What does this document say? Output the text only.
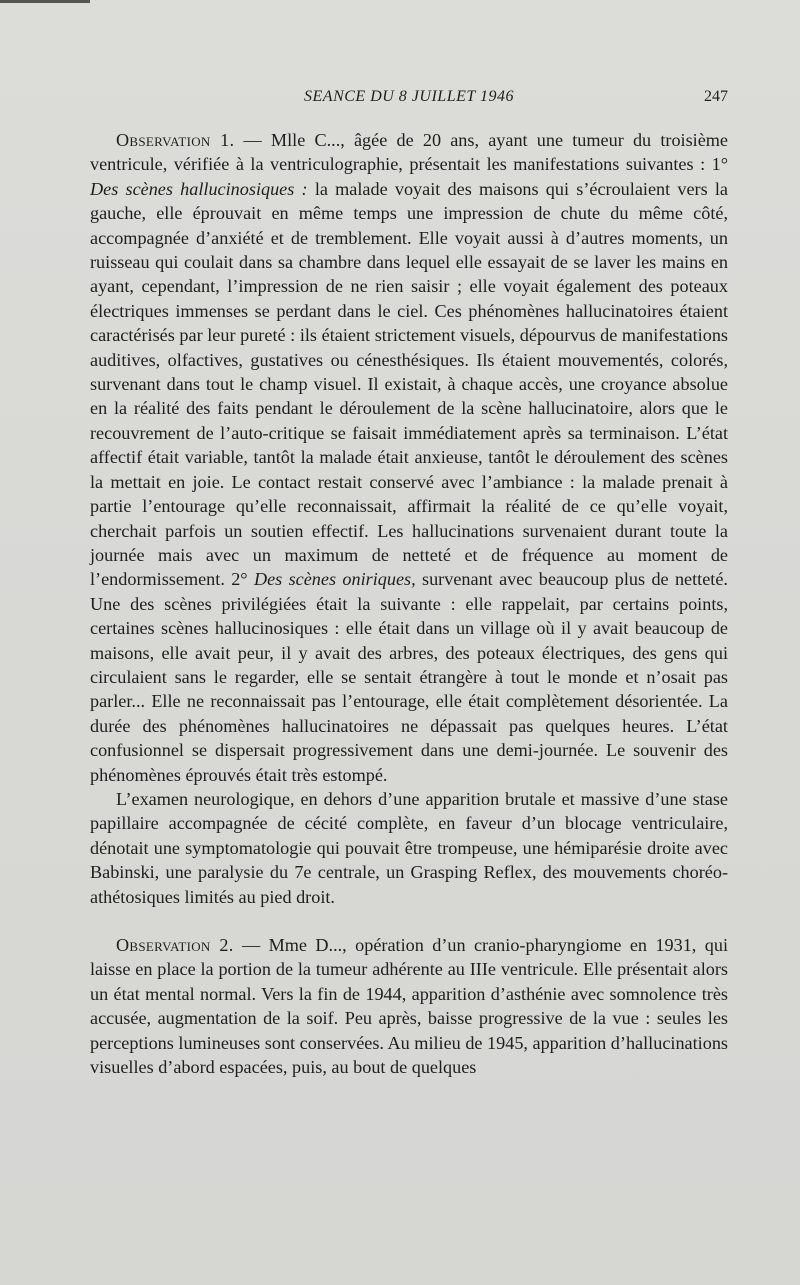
SEANCE DU 8 JUILLET 1946	247

Observation 1. — Mlle C..., âgée de 20 ans, ayant une tumeur du troisième ventricule, vérifiée à la ventriculographie, présentait les manifestations suivantes : 1° Des scènes hallucinosiques : la malade voyait des maisons qui s’écroulaient vers la gauche, elle éprouvait en même temps une impression de chute du même côté, accompagnée d’anxiété et de tremblement. Elle voyait aussi à d’autres moments, un ruisseau qui coulait dans sa chambre dans lequel elle essayait de se laver les mains en ayant, cependant, l’impression de ne rien saisir ; elle voyait également des poteaux électriques immenses se perdant dans le ciel. Ces phénomènes hallucinatoires étaient caractérisés par leur pureté : ils étaient strictement visuels, dépourvus de manifestations auditives, olfactives, gustatives ou cénesthésiques. Ils étaient mouvementés, colorés, survenant dans tout le champ visuel. Il existait, à chaque accès, une croyance absolue en la réalité des faits pendant le déroulement de la scène hallucinatoire, alors que le recouvrement de l’auto-critique se faisait immédiatement après sa terminaison. L’état affectif était variable, tantôt la malade était anxieuse, tantôt le déroulement des scènes la mettait en joie. Le contact restait conservé avec l’ambiance : la malade prenait à partie l’entourage qu’elle reconnaissait, affirmait la réalité de ce qu’elle voyait, cherchait parfois un soutien effectif. Les hallucinations survenaient durant toute la journée mais avec un maximum de netteté et de fréquence au moment de l’endormissement. 2° Des scènes oniriques, survenant avec beaucoup plus de netteté. Une des scènes privilégiées était la suivante : elle rappelait, par certains points, certaines scènes hallucinosiques : elle était dans un village où il y avait beaucoup de maisons, elle avait peur, il y avait des arbres, des poteaux électriques, des gens qui circulaient sans le regarder, elle se sentait étrangère à tout le monde et n’osait pas parler... Elle ne reconnaissait pas l’entourage, elle était complètement désorientée. La durée des phénomènes hallucinatoires ne dépassait pas quelques heures. L’état confusionnel se dispersait progressivement dans une demi-journée. Le souvenir des phénomènes éprouvés était très estompé.

L’examen neurologique, en dehors d’une apparition brutale et massive d’une stase papillaire accompagnée de cécité complète, en faveur d’un blocage ventriculaire, dénotait une symptomatologie qui pouvait être trompeuse, une hémiparésie droite avec Babinski, une paralysie du 7e centrale, un Grasping Reflex, des mouvements choréo-athétosiques limités au pied droit.

Observation 2. — Mme D..., opération d’un cranio-pharyngiome en 1931, qui laisse en place la portion de la tumeur adhérente au IIIe ventricule. Elle présentait alors un état mental normal. Vers la fin de 1944, apparition d’asthénie avec somnolence très accusée, augmentation de la soif. Peu après, baisse progressive de la vue : seules les perceptions lumineuses sont conservées. Au milieu de 1945, apparition d’hallucinations visuelles d’abord espacées, puis, au bout de quelques
